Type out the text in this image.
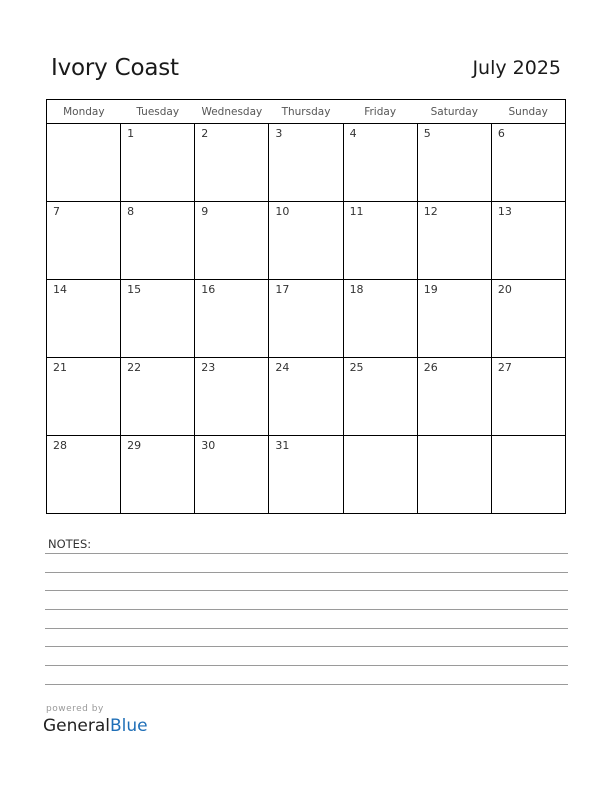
Ivory Coast	July 2025
Monday	Tuesday	Wednesday	Thursday	Friday	Saturday	Sunday

	1	2	3	4	5	6

7	8	9	10	11	12	13

14	15	16	17	18	19	20

21	22	23	24	25	26	27

28	29	30	31			

NOTES:
powered by
GeneralBlue
